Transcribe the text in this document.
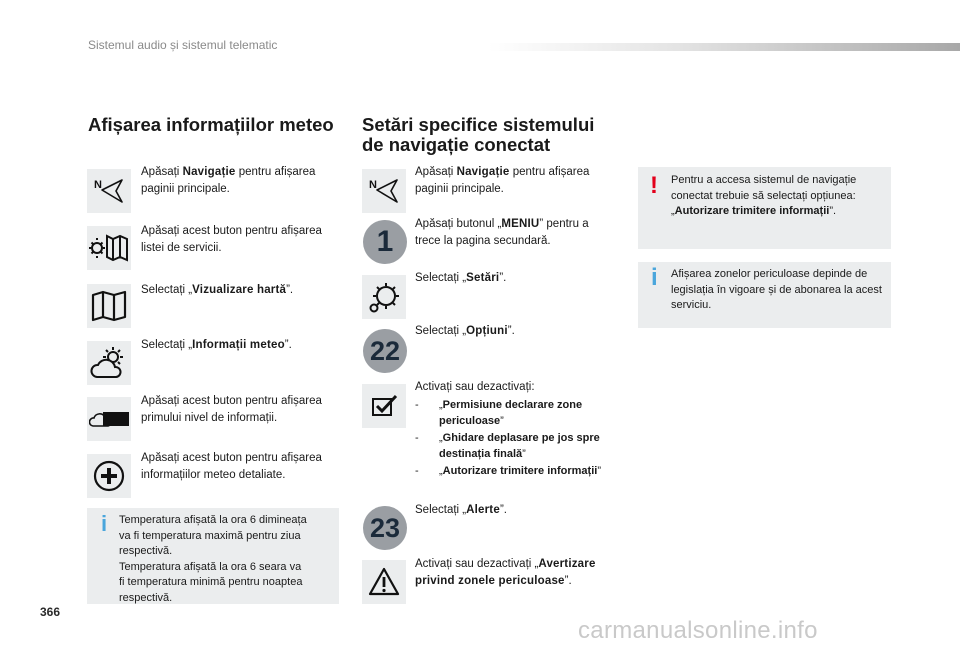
Sistemul audio și sistemul telematic
Afișarea informațiilor meteo
N
Apăsați Navigație pentru afișarea paginii principale.
Apăsați acest buton pentru afișarea listei de servicii.
Selectați „Vizualizare hartă”.
Selectați „Informații meteo”.
Apăsați acest buton pentru afișarea primului nivel de informații.
Apăsați acest buton pentru afișarea informațiilor meteo detaliate.
i Temperatura afișată la ora 6 dimineața
va fi temperatura maximă pentru ziua
respectivă.
Temperatura afișată la ora 6 seara va
fi temperatura minimă pentru noaptea
respectivă.
Setări specifice sistemului
de navigație conectat
N
Apăsați Navigație pentru afișarea paginii principale.
1
Apăsați butonul „MENIU” pentru a trece la pagina secundară.
Selectați „Setări”.
22
Selectați „Opțiuni”.
Activați sau dezactivați:
- „Permisiune declarare zone periculoase”
- „Ghidare deplasare pe jos spre destinația finală”
- „Autorizare trimitere informații”
23
Selectați „Alerte”.
Activați sau dezactivați „Avertizare privind zonele periculoase”.
! Pentru a accesa sistemul de navigație conectat trebuie să selectați opțiunea: „Autorizare trimitere informații”.
i Afișarea zonelor periculoase depinde de legislația în vigoare și de abonarea la acest serviciu.
366
carmanualsonline.info
